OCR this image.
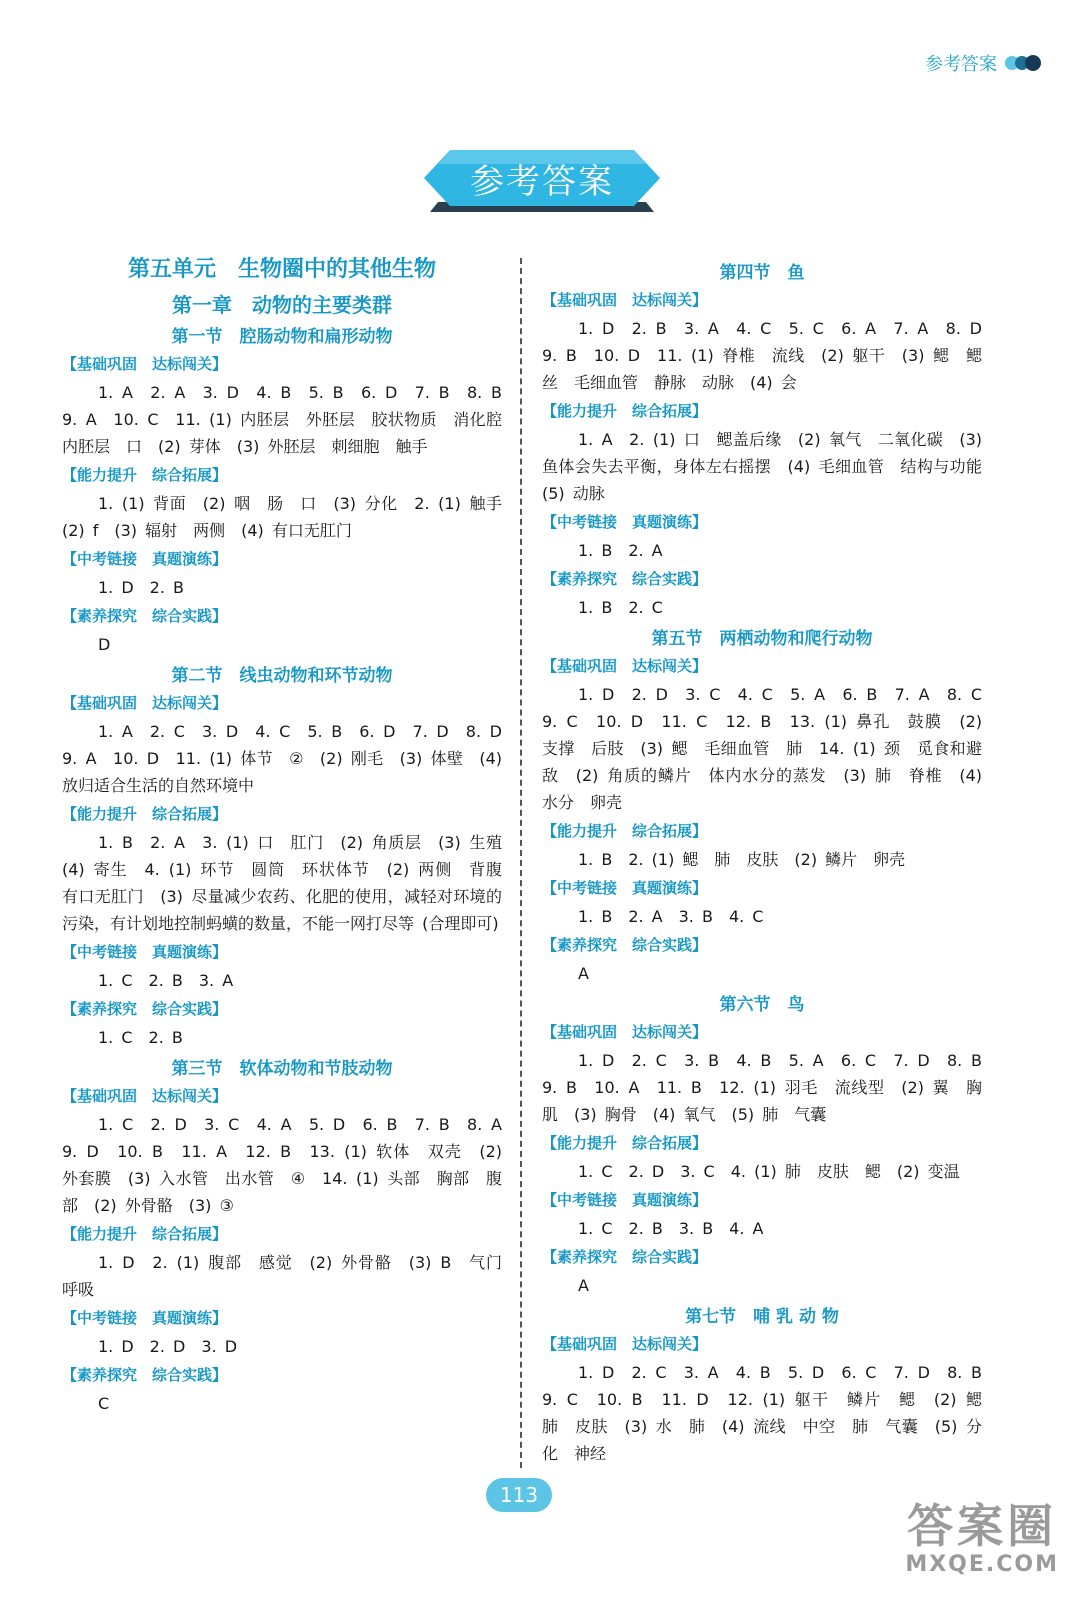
参考答案
参考答案
第五单元　生物圈中的其他生物
第一章　动物的主要类群
第一节　腔肠动物和扁形动物
【基础巩固　达标闯关】

1. A　2. A　3. D　4. B　5. B　6. D　7. B　8. B　9. A　10. C　11. (1) 内胚层　外胚层　胶状物质　消化腔　内胚层　口　(2) 芽体　(3) 外胚层　刺细胞　触手

【能力提升　综合拓展】

1. (1) 背面　(2) 咽　肠　口　(3) 分化　2. (1) 触手　(2) f　(3) 辐射　两侧　(4) 有口无肛门

【中考链接　真题演练】

1. D　2. B

【素养探究　综合实践】

D

第二节　线虫动物和环节动物
【基础巩固　达标闯关】

1. A　2. C　3. D　4. C　5. B　6. D　7. D　8. D　9. A　10. D　11. (1) 体节　②　(2) 刚毛　(3) 体壁　(4) 放归适合生活的自然环境中

【能力提升　综合拓展】

1. B　2. A　3. (1) 口　肛门　(2) 角质层　(3) 生殖　(4) 寄生　4. (1) 环节　圆筒　环状体节　(2) 两侧　背腹　有口无肛门　(3) 尽量减少农药、化肥的使用，减轻对环境的污染，有计划地控制蚂蟥的数量，不能一网打尽等 (合理即可)

【中考链接　真题演练】

1. C　2. B　3. A

【素养探究　综合实践】

1. C　2. B

第三节　软体动物和节肢动物
【基础巩固　达标闯关】

1. C　2. D　3. C　4. A　5. D　6. B　7. B　8. A　9. D　10. B　11. A　12. B　13. (1) 软体　双壳　(2) 外套膜　(3) 入水管　出水管　④　14. (1) 头部　胸部　腹部　(2) 外骨骼　(3) ③

【能力提升　综合拓展】

1. D　2. (1) 腹部　感觉　(2) 外骨骼　(3) B　气门　呼吸

【中考链接　真题演练】

1. D　2. D　3. D

【素养探究　综合实践】

C

第四节　鱼
【基础巩固　达标闯关】

1. D　2. B　3. A　4. C　5. C　6. A　7. A　8. D　9. B　10. D　11. (1) 脊椎　流线　(2) 躯干　(3) 鳃　鳃丝　毛细血管　静脉　动脉　(4) 会

【能力提升　综合拓展】

1. A　2. (1) 口　鳃盖后缘　(2) 氧气　二氧化碳　(3) 鱼体会失去平衡，身体左右摇摆　(4) 毛细血管　结构与功能　(5) 动脉

【中考链接　真题演练】

1. B　2. A

【素养探究　综合实践】

1. B　2. C

第五节　两栖动物和爬行动物
【基础巩固　达标闯关】

1. D　2. D　3. C　4. C　5. A　6. B　7. A　8. C　9. C　10. D　11. C　12. B　13. (1) 鼻孔　鼓膜　(2) 支撑　后肢　(3) 鳃　毛细血管　肺　14. (1) 颈　觅食和避敌　(2) 角质的鳞片　体内水分的蒸发　(3) 肺　脊椎　(4) 水分　卵壳

【能力提升　综合拓展】

1. B　2. (1) 鳃　肺　皮肤　(2) 鳞片　卵壳

【中考链接　真题演练】

1. B　2. A　3. B　4. C

【素养探究　综合实践】

A

第六节　鸟
【基础巩固　达标闯关】

1. D　2. C　3. B　4. B　5. A　6. C　7. D　8. B　9. B　10. A　11. B　12. (1) 羽毛　流线型　(2) 翼　胸肌　(3) 胸骨　(4) 氧气　(5) 肺　气囊

【能力提升　综合拓展】

1. C　2. D　3. C　4. (1) 肺　皮肤　鳃　(2) 变温

【中考链接　真题演练】

1. C　2. B　3. B　4. A

【素养探究　综合实践】

A

第七节　哺 乳 动 物
【基础巩固　达标闯关】

1. D　2. C　3. A　4. B　5. D　6. C　7. D　8. B　9. C　10. B　11. D　12. (1) 躯干　鳞片　鳃　(2) 鳃　肺　皮肤　(3) 水　肺　(4) 流线　中空　肺　气囊　(5) 分化　神经

113
答案圈
MXQE.COM
